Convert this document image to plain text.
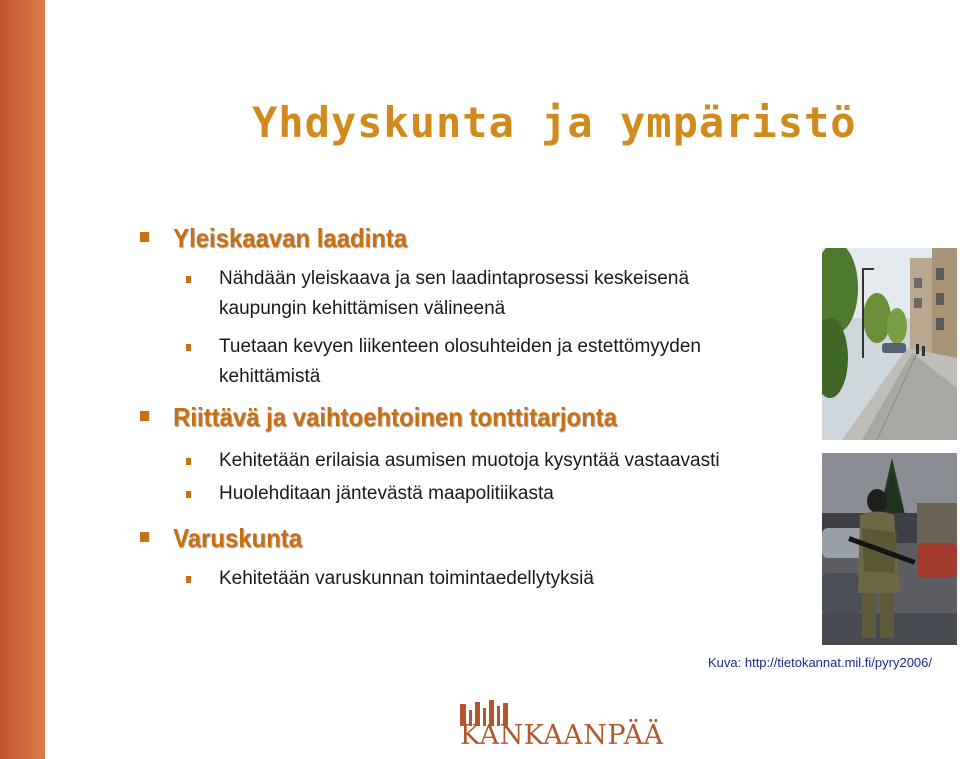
Yhdyskunta ja ympäristö
Yleiskaavan laadinta
Nähdään yleiskaava ja sen laadintaprosessi keskeisenä kaupungin kehittämisen välineenä
Tuetaan kevyen liikenteen olosuhteiden ja estettömyyden kehittämistä
Riittävä ja vaihtoehtoinen tonttitarjonta
Kehitetään erilaisia asumisen muotoja kysyntää vastaavasti
Huolehditaan jäntevästä maapolitiikasta
Varuskunta
Kehitetään varuskunnan toimintaedellytyksiä
Kuva: http://tietokannat.mil.fi/pyry2006/
KANKAANPÄÄ
